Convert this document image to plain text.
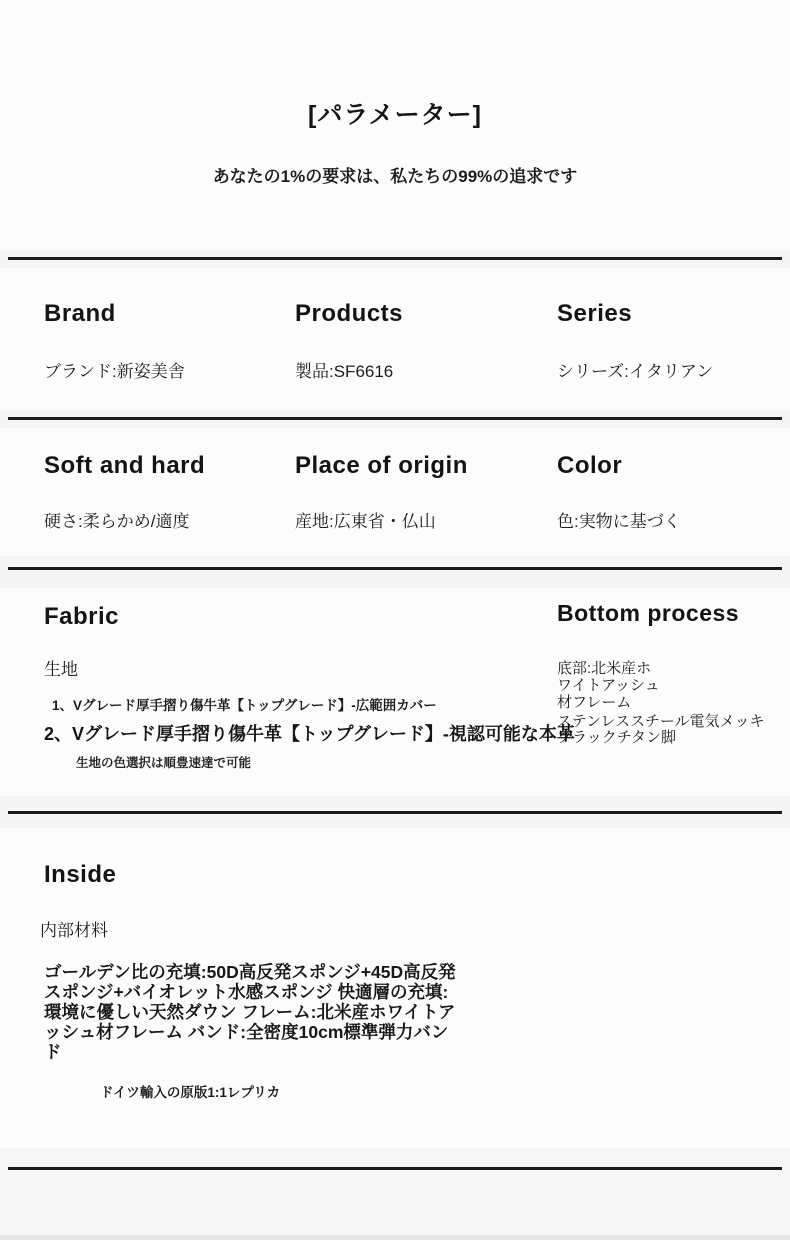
[パラメーター]
あなたの1%の要求は、私たちの99%の追求です
Brand	Products	Series
ブランド:新姿美舎	製品:SF6616	シリーズ:イタリアン
Soft and hard	Place of origin	Color
硬さ:柔らかめ/適度	産地:広東省・仏山	色:実物に基づく
Fabric
生地
1、Vグレード厚手摺り傷牛革【トップグレード】-広範囲カバー
2、Vグレード厚手摺り傷牛革【トップグレード】-視認可能な本革
生地の色選択は順豊速達で可能
Bottom process
底部:北米産ホワイトアッシュ材フレーム
ステンレススチール電気メッキブラックチタン脚
Inside
内部材料
ゴールデン比の充填:50D高反発スポンジ+45D高反発スポンジ+バイオレット水感スポンジ 快適層の充填:環境に優しい天然ダウン フレーム:北米産ホワイトアッシュ材フレーム バンド:全密度10cm標準弾力バンド
ドイツ輸入の原版1:1レプリカ
